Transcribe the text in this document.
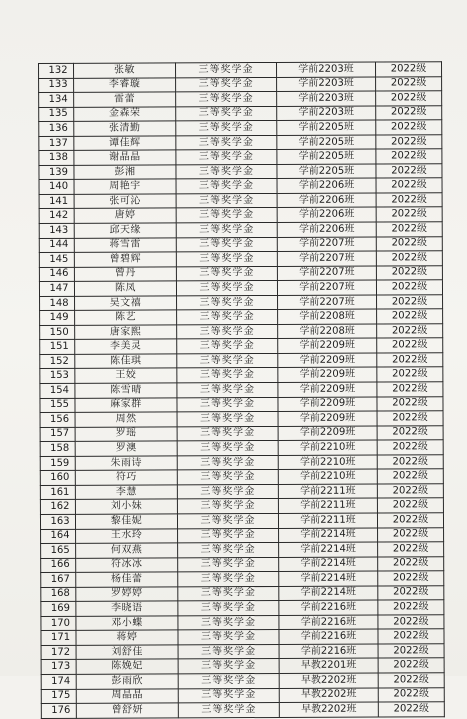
132	张敏	三等奖学金	学前2203班	2022级
133	李睿璇	三等奖学金	学前2203班	2022级
134	雷蕾	三等奖学金	学前2203班	2022级
135	金森荣	三等奖学金	学前2203班	2022级
136	张清勤	三等奖学金	学前2205班	2022级
137	谭佳辉	三等奖学金	学前2205班	2022级
138	谢晶晶	三等奖学金	学前2205班	2022级
139	彭湘	三等奖学金	学前2205班	2022级
140	周艳宇	三等奖学金	学前2206班	2022级
141	张可沁	三等奖学金	学前2206班	2022级
142	唐婷	三等奖学金	学前2206班	2022级
143	邱天缘	三等奖学金	学前2206班	2022级
144	蒋雪雷	三等奖学金	学前2207班	2022级
145	曾碧辉	三等奖学金	学前2207班	2022级
146	曾丹	三等奖学金	学前2207班	2022级
147	陈凤	三等奖学金	学前2207班	2022级
148	吴文禧	三等奖学金	学前2207班	2022级
149	陈艺	三等奖学金	学前2208班	2022级
150	唐家熙	三等奖学金	学前2208班	2022级
151	李美灵	三等奖学金	学前2209班	2022级
152	陈佳琪	三等奖学金	学前2209班	2022级
153	王姣	三等奖学金	学前2209班	2022级
154	陈雪晴	三等奖学金	学前2209班	2022级
155	麻家群	三等奖学金	学前2209班	2022级
156	周然	三等奖学金	学前2209班	2022级
157	罗瑶	三等奖学金	学前2209班	2022级
158	罗澳	三等奖学金	学前2210班	2022级
159	朱雨诗	三等奖学金	学前2210班	2022级
160	符巧	三等奖学金	学前2210班	2022级
161	李慧	三等奖学金	学前2211班	2022级
162	刘小妹	三等奖学金	学前2211班	2022级
163	黎佳妮	三等奖学金	学前2211班	2022级
164	王水玲	三等奖学金	学前2214班	2022级
165	何双燕	三等奖学金	学前2214班	2022级
166	符冰冰	三等奖学金	学前2214班	2022级
167	杨佳蕾	三等奖学金	学前2214班	2022级
168	罗婷婷	三等奖学金	学前2214班	2022级
169	李晓语	三等奖学金	学前2216班	2022级
170	邓小蝶	三等奖学金	学前2216班	2022级
171	蒋婷	三等奖学金	学前2216班	2022级
172	刘舒佳	三等奖学金	学前2216班	2022级
173	陈娩妃	三等奖学金	早教2201班	2022级
174	彭雨欣	三等奖学金	早教2202班	2022级
175	周晶晶	三等奖学金	早教2202班	2022级
176	曾舒妍	三等奖学金	早教2202班	2022级
